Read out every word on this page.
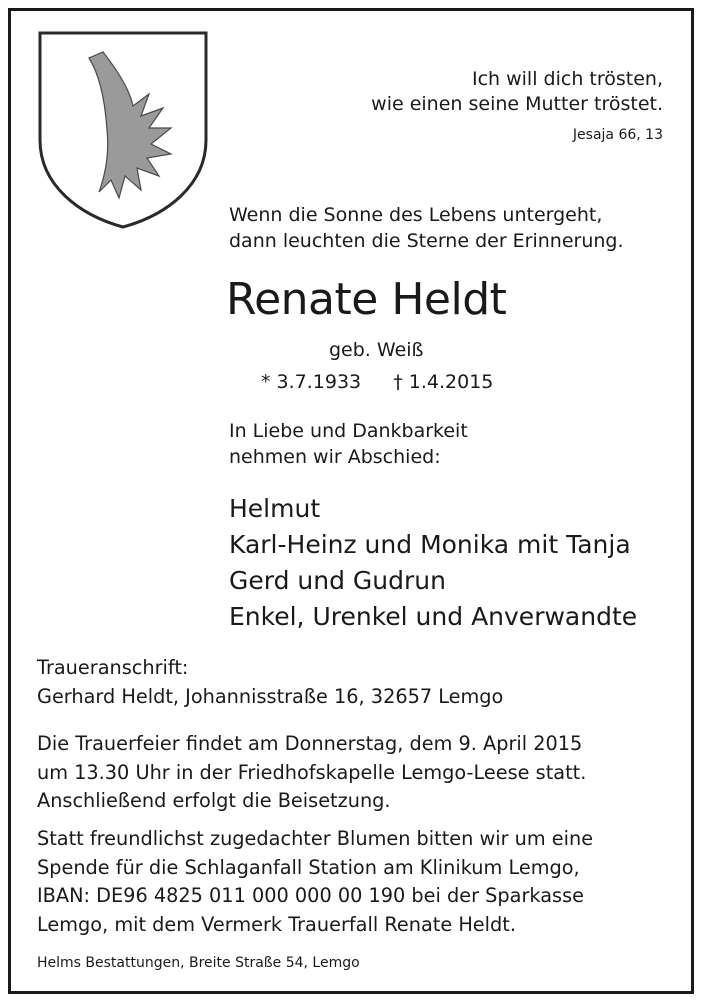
Ich will dich trösten,
wie einen seine Mutter tröstet.
Jesaja 66, 13
Wenn die Sonne des Lebens untergeht,
dann leuchten die Sterne der Erinnerung.
Renate Heldt
geb. Weiß
* 3.7.1933 † 1.4.2015
In Liebe und Dankbarkeit
nehmen wir Abschied:
Helmut
Karl-Heinz und Monika mit Tanja
Gerd und Gudrun
Enkel, Urenkel und Anverwandte
Traueranschrift:
Gerhard Heldt, Johannisstraße 16, 32657 Lemgo
Die Trauerfeier findet am Donnerstag, dem 9. April 2015
um 13.30 Uhr in der Friedhofskapelle Lemgo-Leese statt.
Anschließend erfolgt die Beisetzung.
Statt freundlichst zugedachter Blumen bitten wir um eine
Spende für die Schlaganfall Station am Klinikum Lemgo,
IBAN: DE96 4825 011 000 000 00 190 bei der Sparkasse
Lemgo, mit dem Vermerk Trauerfall Renate Heldt.
Helms Bestattungen, Breite Straße 54, Lemgo
